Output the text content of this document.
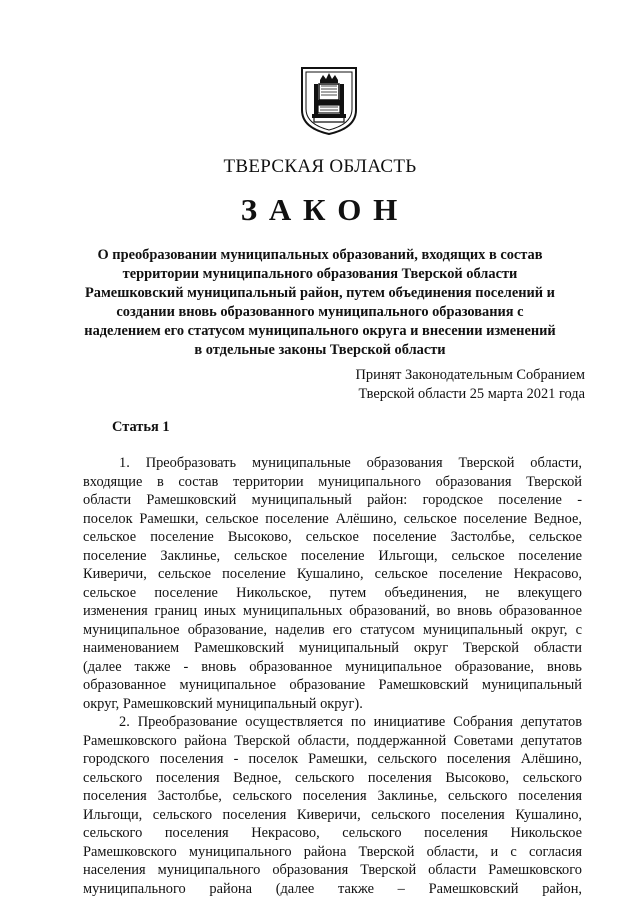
ТВЕРСКАЯ ОБЛАСТЬ
З А К О Н
О преобразовании муниципальных образований, входящих в состав
территории муниципального образования Тверской области
Рамешковский муниципальный район, путем объединения поселений и
создании вновь образованного муниципального образования с
наделением его статусом муниципального округа и внесении изменений
в отдельные законы Тверской области
Принят Законодательным Собранием
Тверской области 25 марта 2021 года
Статья 1
1. Преобразовать муниципальные образования Тверской области,
входящие в состав территории муниципального образования Тверской
области Рамешковский муниципальный район: городское поселение -
поселок Рамешки, сельское поселение Алёшино, сельское поселение Ведное,
сельское поселение Высоково, сельское поселение Застолбье, сельское
поселение Заклинье, сельское поселение Ильгощи, сельское поселение
Киверичи, сельское поселение Кушалино, сельское поселение Некрасово,
сельское поселение Никольское, путем объединения, не влекущего
изменения границ иных муниципальных образований, во вновь образованное
муниципальное образование, наделив его статусом муниципальный округ, с
наименованием Рамешковский муниципальный округ Тверской области
(далее также - вновь образованное муниципальное образование, вновь
образованное муниципальное образование Рамешковский муниципальный
округ, Рамешковский муниципальный округ).
2. Преобразование осуществляется по инициативе Собрания депутатов
Рамешковского района Тверской области, поддержанной Советами депутатов
городского поселения - поселок Рамешки, сельского поселения Алёшино,
сельского поселения Ведное, сельского поселения Высоково, сельского
поселения Застолбье, сельского поселения Заклинье, сельского поселения
Ильгощи, сельского поселения Киверичи, сельского поселения Кушалино,
сельского поселения Некрасово, сельского поселения Никольское
Рамешковского муниципального района Тверской области, и с согласия
населения муниципального образования Тверской области Рамешковского
муниципального района (далее также – Рамешковский район,
